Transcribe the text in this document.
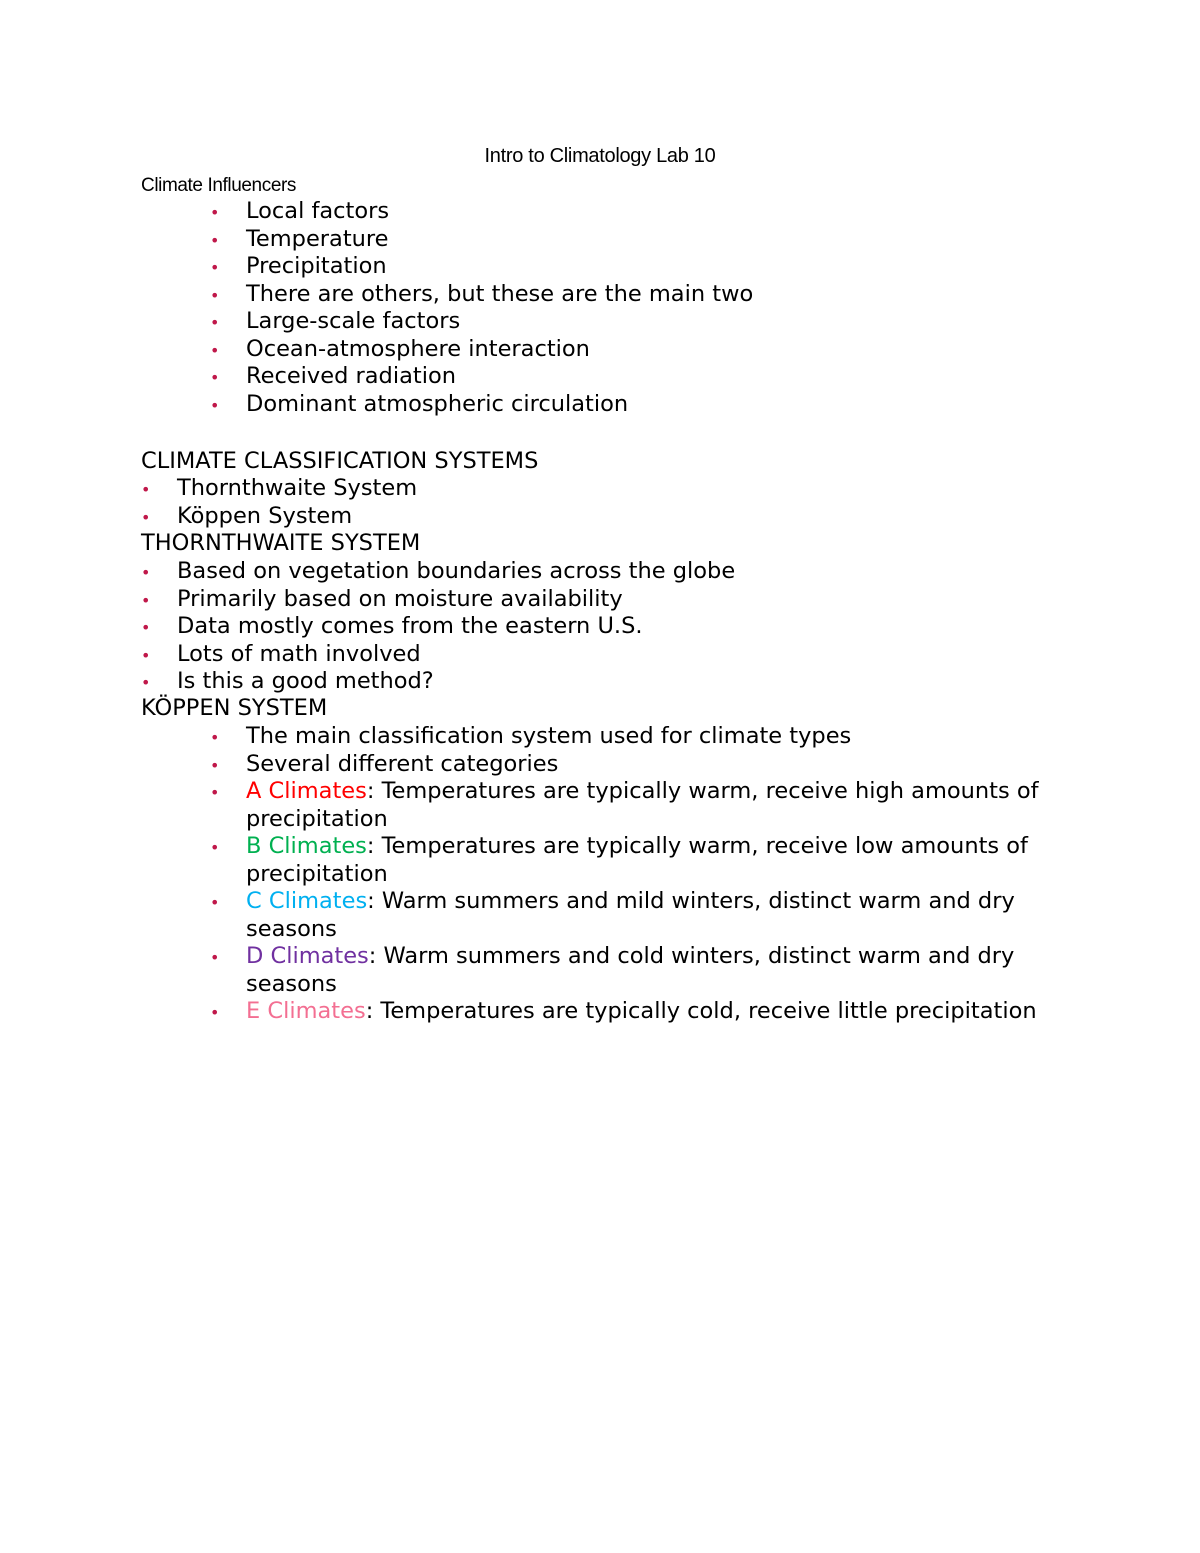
Intro to Climatology Lab 10
Climate Influencers
• Local factors
• Temperature
• Precipitation
• There are others, but these are the main two
• Large-scale factors
• Ocean-atmosphere interaction
• Received radiation
• Dominant atmospheric circulation
CLIMATE CLASSIFICATION SYSTEMS
• Thornthwaite System
• Köppen System
THORNTHWAITE SYSTEM
• Based on vegetation boundaries across the globe
• Primarily based on moisture availability
• Data mostly comes from the eastern U.S.
• Lots of math involved
• Is this a good method?
KÖPPEN SYSTEM
• The main classification system used for climate types
• Several different categories
• A Climates: Temperatures are typically warm, receive high amounts of precipitation
• B Climates: Temperatures are typically warm, receive low amounts of precipitation
• C Climates: Warm summers and mild winters, distinct warm and dry seasons
• D Climates: Warm summers and cold winters, distinct warm and dry seasons
• E Climates: Temperatures are typically cold, receive little precipitation
